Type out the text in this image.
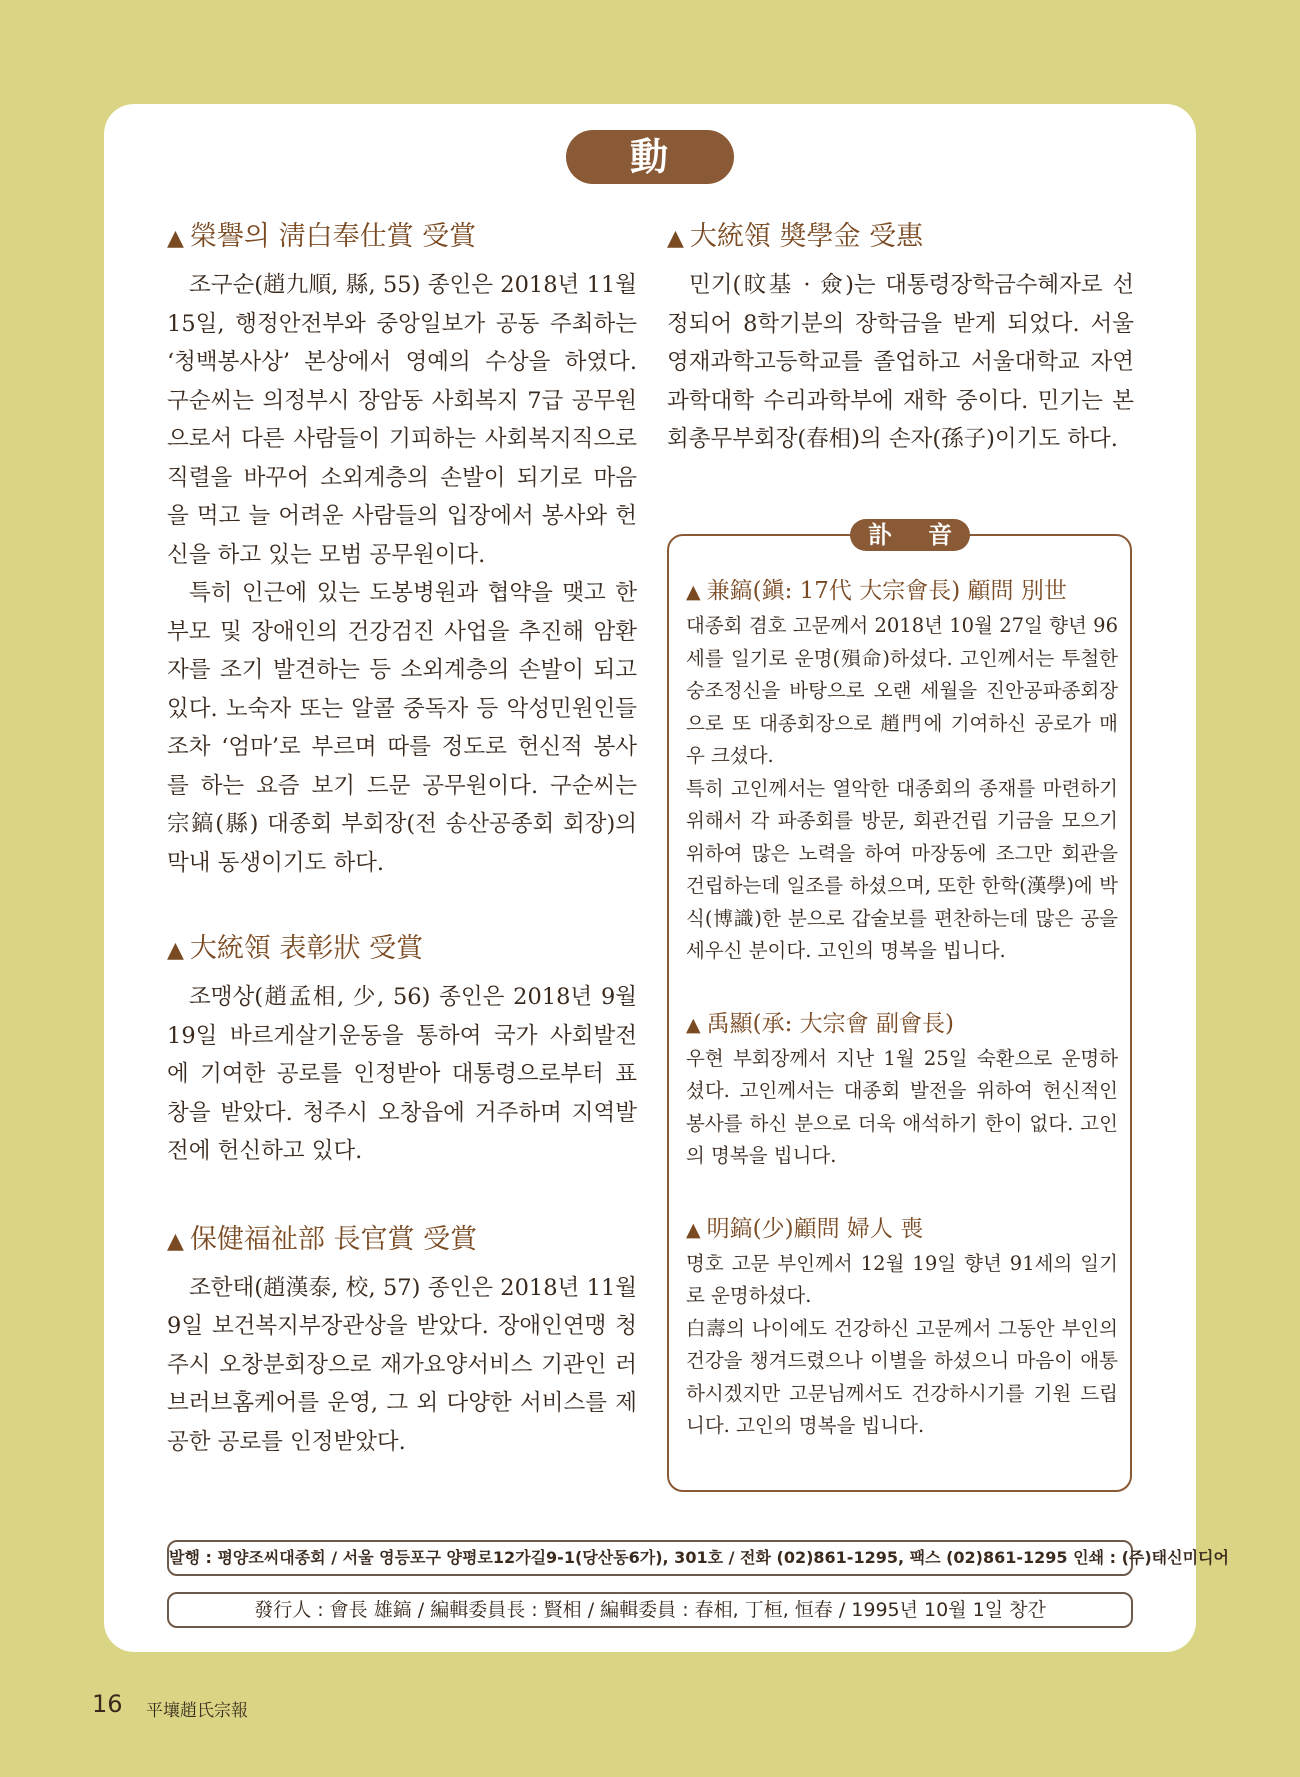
動 靜
▲ 榮譽의 淸白奉仕賞 受賞

조구순(趙九順, 縣, 55) 종인은 2018년 11월 15일, 행정안전부와 중앙일보가 공동 주최하는 ‘청백봉사상’ 본상에서 영예의 수상을 하였다. 구순씨는 의정부시 장암동 사회복지 7급 공무원으로서 다른 사람들이 기피하는 사회복지직으로 직렬을 바꾸어 소외계층의 손발이 되기로 마음을 먹고 늘 어려운 사람들의 입장에서 봉사와 헌신을 하고 있는 모범 공무원이다.

특히 인근에 있는 도봉병원과 협약을 맺고 한 부모 및 장애인의 건강검진 사업을 추진해 암환자를 조기 발견하는 등 소외계층의 손발이 되고 있다. 노숙자 또는 알콜 중독자 등 악성민원인들 조차 ‘엄마’로 부르며 따를 정도로 헌신적 봉사를 하는 요즘 보기 드문 공무원이다. 구순씨는 宗鎬(縣) 대종회 부회장(전 송산공종회 회장)의 막내 동생이기도 하다.

▲ 大統領 表彰狀 受賞

조맹상(趙孟相, 少, 56) 종인은 2018년 9월 19일 바르게살기운동을 통하여 국가 사회발전에 기여한 공로를 인정받아 대통령으로부터 표창을 받았다. 청주시 오창읍에 거주하며 지역발전에 헌신하고 있다.

▲ 保健福祉部 長官賞 受賞

조한태(趙漢泰, 校, 57) 종인은 2018년 11월 9일 보건복지부장관상을 받았다. 장애인연맹 청주시 오창분회장으로 재가요양서비스 기관인 러브러브홈케어를 운영, 그 외 다양한 서비스를 제공한 공로를 인정받았다.

▲ 大統領 奬學金 受惠

민기(旼基 · 僉)는 대통령장학금수혜자로 선정되어 8학기분의 장학금을 받게 되었다. 서울영재과학고등학교를 졸업하고 서울대학교 자연과학대학 수리과학부에 재학 중이다. 민기는 본회총무부회장(春相)의 손자(孫子)이기도 하다.

訃 音
▲ 兼鎬(鎭: 17代 大宗會長) 顧問 別世

대종회 겸호 고문께서 2018년 10월 27일 향년 96세를 일기로 운명(殞命)하셨다. 고인께서는 투철한 숭조정신을 바탕으로 오랜 세월을 진안공파종회장으로 또 대종회장으로 趙門에 기여하신 공로가 매우 크셨다.

특히 고인께서는 열악한 대종회의 종재를 마련하기 위해서 각 파종회를 방문, 회관건립 기금을 모으기 위하여 많은 노력을 하여 마장동에 조그만 회관을 건립하는데 일조를 하셨으며, 또한 한학(漢學)에 박식(博識)한 분으로 갑술보를 편찬하는데 많은 공을 세우신 분이다. 고인의 명복을 빕니다.

▲ 禹顯(承: 大宗會 副會長)

우현 부회장께서 지난 1월 25일 숙환으로 운명하셨다. 고인께서는 대종회 발전을 위하여 헌신적인 봉사를 하신 분으로 더욱 애석하기 한이 없다. 고인의 명복을 빕니다.

▲ 明鎬(少)顧問 婦人 喪

명호 고문 부인께서 12월 19일 향년 91세의 일기로 운명하셨다.

白壽의 나이에도 건강하신 고문께서 그동안 부인의 건강을 챙겨드렸으나 이별을 하셨으니 마음이 애통하시겠지만 고문님께서도 건강하시기를 기원 드립니다. 고인의 명복을 빕니다.

발행 : 평양조씨대종회 / 서울 영등포구 양평로12가길9-1(당산동6가), 301호 / 전화 (02)861-1295, 팩스 (02)861-1295 인쇄 : (주)태신미디어
發行人 : 會長 雄鎬 / 編輯委員長 : 賢相 / 編輯委員 : 春相, 丁桓, 恒春 / 1995년 10월 1일 창간
16 平壤趙氏宗報
